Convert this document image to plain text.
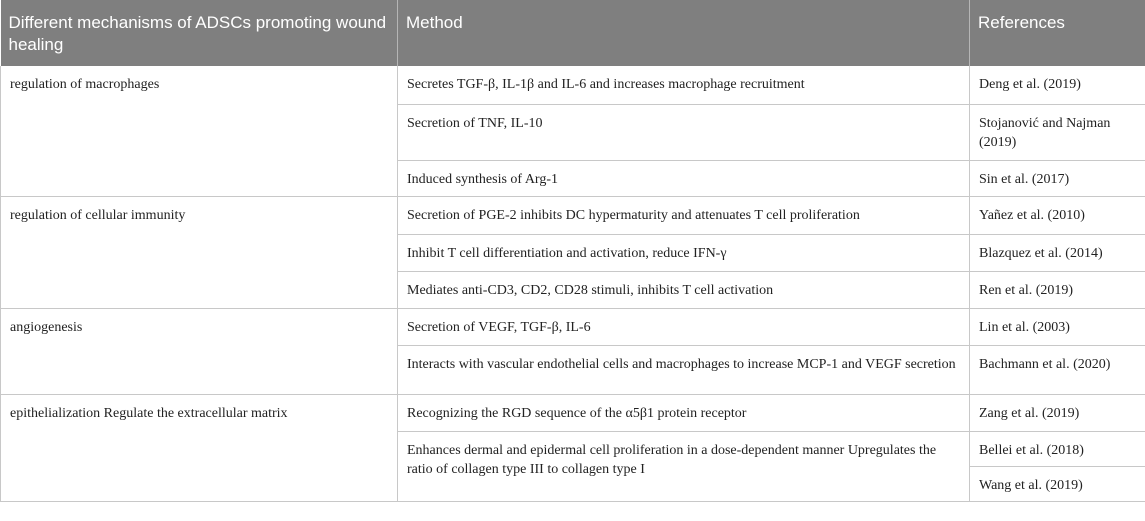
Different mechanisms of ADSCs promoting wound healing	Method	References
regulation of macrophages	Secretes TGF-β, IL-1β and IL-6 and increases macrophage recruitment	Deng et al. (2019)
	Secretion of TNF, IL-10	Stojanović and Najman (2019)
	Induced synthesis of Arg-1	Sin et al. (2017)
regulation of cellular immunity	Secretion of PGE-2 inhibits DC hypermaturity and attenuates T cell proliferation	Yañez et al. (2010)
	Inhibit T cell differentiation and activation, reduce IFN-γ	Blazquez et al. (2014)
	Mediates anti-CD3, CD2, CD28 stimuli, inhibits T cell activation	Ren et al. (2019)
angiogenesis	Secretion of VEGF, TGF-β, IL-6	Lin et al. (2003)
	Interacts with vascular endothelial cells and macrophages to increase MCP-1 and VEGF secretion	Bachmann et al. (2020)
epithelialization Regulate the extracellular matrix	Recognizing the RGD sequence of the α5β1 protein receptor	Zang et al. (2019)
	Enhances dermal and epidermal cell proliferation in a dose-dependent manner Upregulates the ratio of collagen type III to collagen type I	Bellei et al. (2018)
		Wang et al. (2019)
